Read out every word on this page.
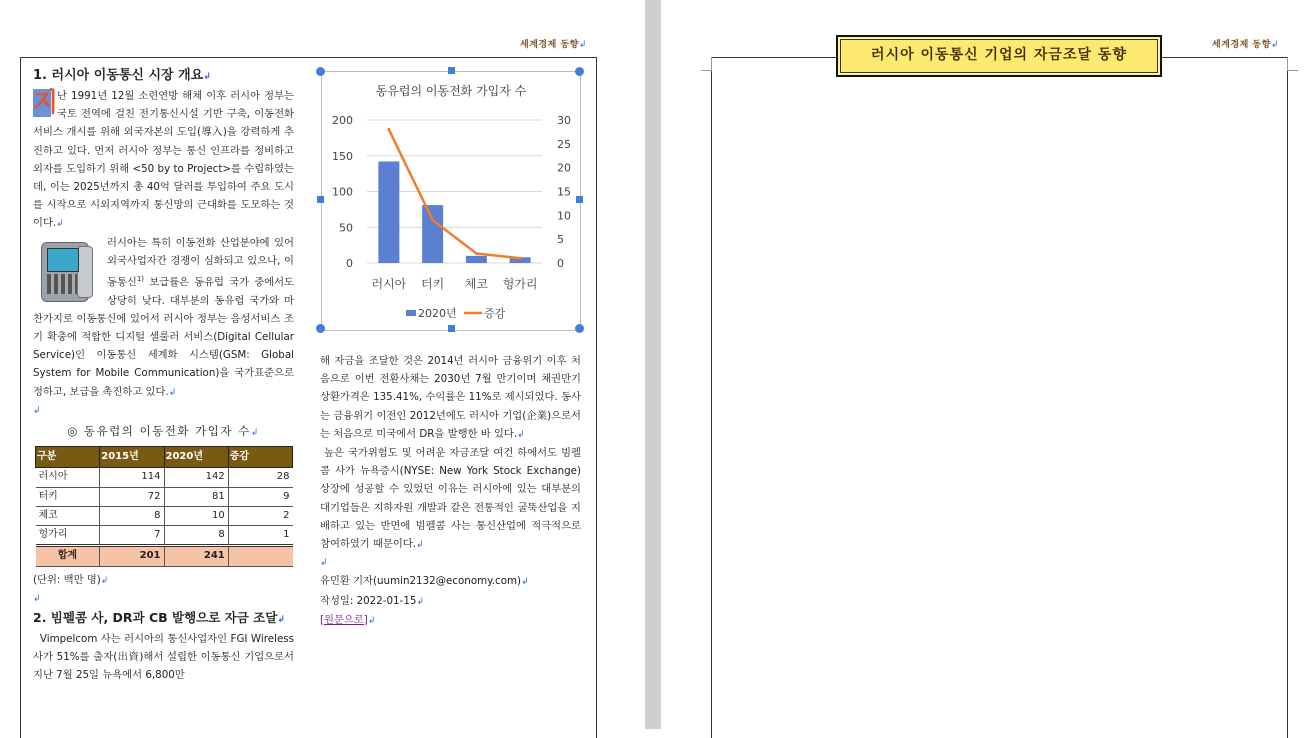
세계경제 동향↲

1. 러시아 이동통신 시장 개요↲

지
난 1991년 12월 소련연방 해체 이후 러시아 정부는 국토 전역에 걸친 전기통신시설 기반 구축, 이동전화 서비스 개시를 위해 외국자본의 도입(導入)을 강력하게 추진하고 있다. 먼저 러시아 정부는 통신 인프라를 정비하고 외자를 도입하기 위해 <50 by to Project>를 수립하였는데, 이는 2025년까지 총 40억 달러를 투입하여 주요 도시를 시작으로 시외지역까지 통신망의 근대화를 도모하는 것이다.↲

러시아는 특히 이동전화 산업분야에 있어 외국사업자간 경쟁이 심화되고 있으나, 이동통신$^{1)}$ 보급률은 동유럽 국가 중에서도 상당히 낮다. 대부분의 동유럽 국가와 마찬가지로 이동통신에 있어서 러시아 정부는 음성서비스 조기 확충에 적합한 디지털 셀룰러 서비스(Digital Cellular Service)인 이동통신 세계화 시스템(GSM: Global System for Mobile Communication)을 국가표준으로 정하고, 보급을 촉진하고 있다.↲

↲

◎ 동유럽의 이동전화 가입자 수↲

구분	2015년	2020년	증감
러시아	114	142	28
터키	72	81	9
체코	8	10	2
헝가리	7	8	1
합계	201	241	

(단위: 백만 명)↲

↲

2. 빔펠콤 사, DR과 CB 발행으로 자금 조달↲

Vimpelcom 사는 러시아의 통신사업자인 FGI Wireless 사가 51%를 출자(出資)해서 설립한 이동통신 기업으로서 지난 7월 25일 뉴욕에서 6,800만

동유럽의 이동전화 가입자 수
0
50
100
150
200
0
5
10
15
20
25
30
러시아 터키 체코 헝가리
2020년 증감

해 자금을 조달한 것은 2014년 러시아 금융위기 이후 처음으로 이번 전환사채는 2030년 7월 만기이며 채권만기 상환가격은 135.41%, 수익률은 11%로 제시되었다. 동사는 금융위기 이전인 2012년에도 러시아 기업(企業)으로서는 처음으로 미국에서 DR을 발행한 바 있다.↲

높은 국가위험도 및 어려운 자금조달 여건 하에서도 빔펠콤 사가 뉴욕증시(NYSE: New York Stock Exchange) 상장에 성공할 수 있었던 이유는 러시아에 있는 대부분의 대기업들은 지하자원 개발과 같은 전통적인 굴뚝산업을 지배하고 있는 반면에 빔펠콤 사는 통신산업에 적극적으로 참여하였기 때문이다.↲

↲

유민환 기자(uumin2132@economy.com)↲

작성일: 2022-01-15↲

[원문으로]↲

세계경제 동향↲
러시아 이동통신 기업의 자금조달 동향
